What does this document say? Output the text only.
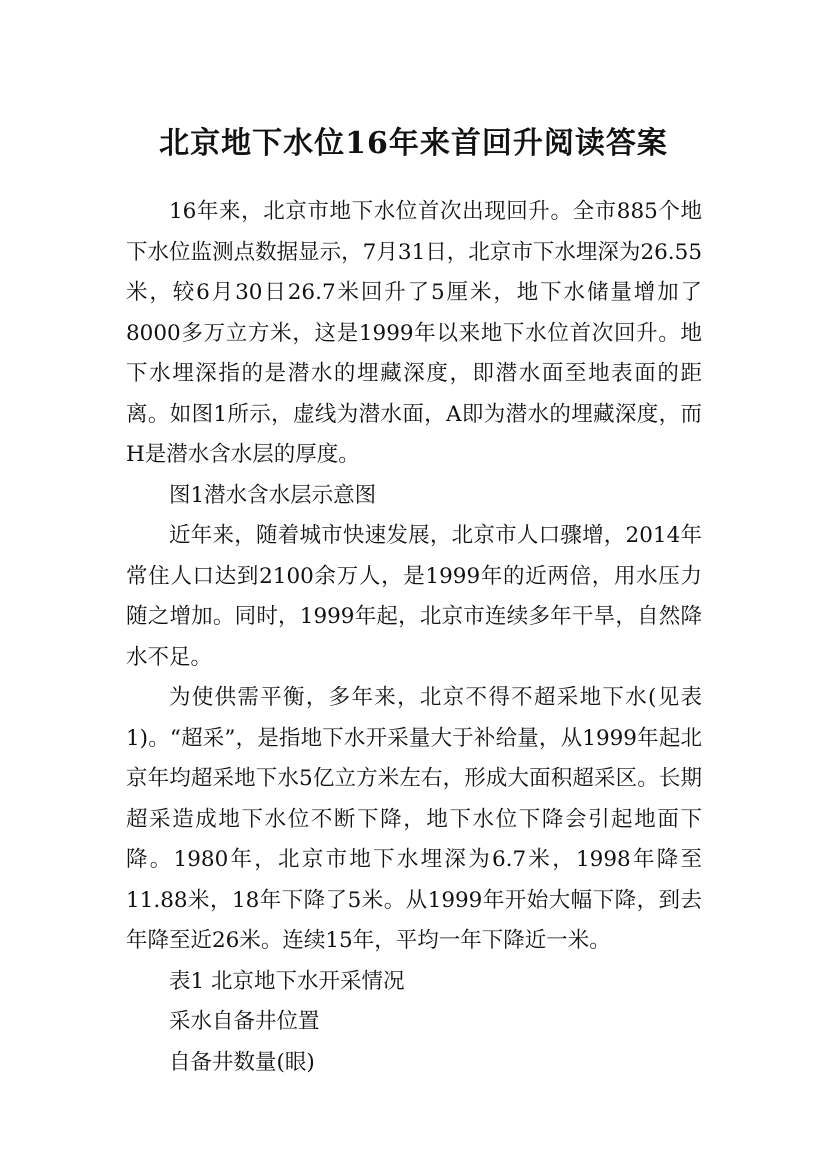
北京地下水位16年来首回升阅读答案

16年来，北京市地下水位首次出现回升。全市885个地下水位监测点数据显示，7月31日，北京市下水埋深为26.55米，较6月30日26.7米回升了5厘米，地下水储量增加了8000多万立方米，这是1999年以来地下水位首次回升。地下水埋深指的是潜水的埋藏深度，即潜水面至地表面的距离。如图1所示，虚线为潜水面，A即为潜水的埋藏深度，而H是潜水含水层的厚度。

图1潜水含水层示意图

近年来，随着城市快速发展，北京市人口骤增，2014年常住人口达到2100余万人，是1999年的近两倍，用水压力随之增加。同时，1999年起，北京市连续多年干旱，自然降水不足。

为使供需平衡，多年来，北京不得不超采地下水(见表1)。“超采”，是指地下水开采量大于补给量，从1999年起北京年均超采地下水5亿立方米左右，形成大面积超采区。长期超采造成地下水位不断下降，地下水位下降会引起地面下降。1980年，北京市地下水埋深为6.7米，1998年降至11.88米，18年下降了5米。从1999年开始大幅下降，到去年降至近26米。连续15年，平均一年下降近一米。

表1 北京地下水开采情况

采水自备井位置

自备井数量(眼)
